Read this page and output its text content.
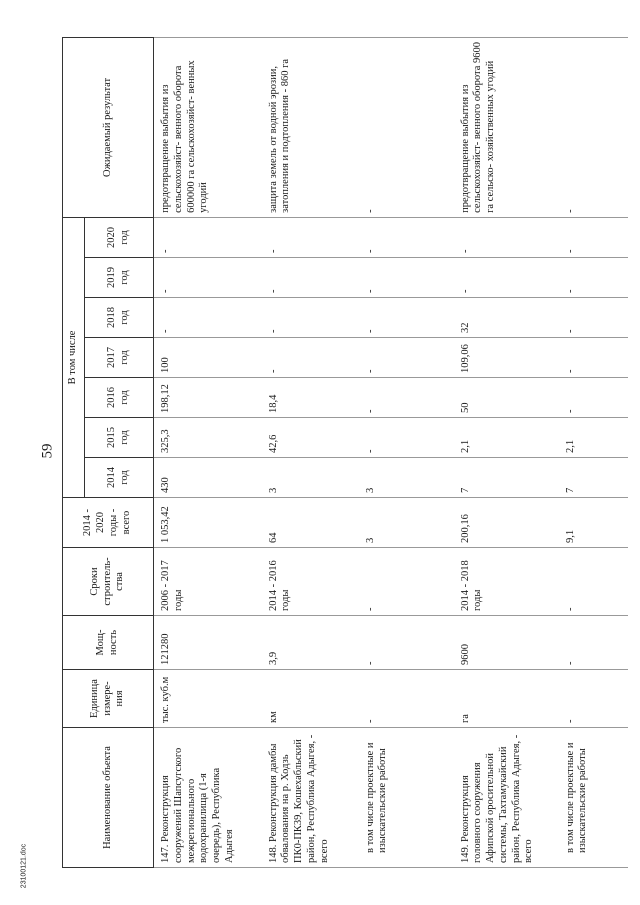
59
Наименование объекта	Единица измере- ния	Мощ- ность	Сроки строитель- ства	2014 - 2020 годы - всего	В том числе							Ожидаемый результат
					2014 год	2015 год	2016 год	2017 год	2018 год	2019 год	2020 год	
147. Реконструкция сооружений Шапсугского межрегионального водохранилища (1-я очередь), Республика Адыгея	тыс. куб.м	121280	2006 - 2017 годы	1 053,42	430	325,3	198,12	100	-	-	-	предотвращение выбытия из сельскохозяйст- венного оборота 600000 га сельскохозяйст- венных угодий
148. Реконструкция дамбы обвалования на р. Ходзь ПК0-ПК39, Кошехабльский район, Республика Адыгея, - всего	км	3,9	2014 - 2016 годы	64	3	42,6	18,4	-	-	-	-	защита земель от водной эрозии, затопления и подтопления - 860 га
в том числе проектные и изыскательские работы	-	-	-	3	3	-	-	-	-	-	-	-
149. Реконструкция головного сооружения Афипской оросительной системы, Тахтамукайский район, Республика Адыгея, - всего	га	9600	2014 - 2018 годы	200,16	7	2,1	50	109,06	32	-	-	предотвращение выбытия из сельскохозяйст- венного оборота 9600 га сельско- хозяйственных угодий
в том числе проектные и изыскательские работы	-	-	-	9,1	7	2,1	-	-	-	-	-	-
23100121.doc
